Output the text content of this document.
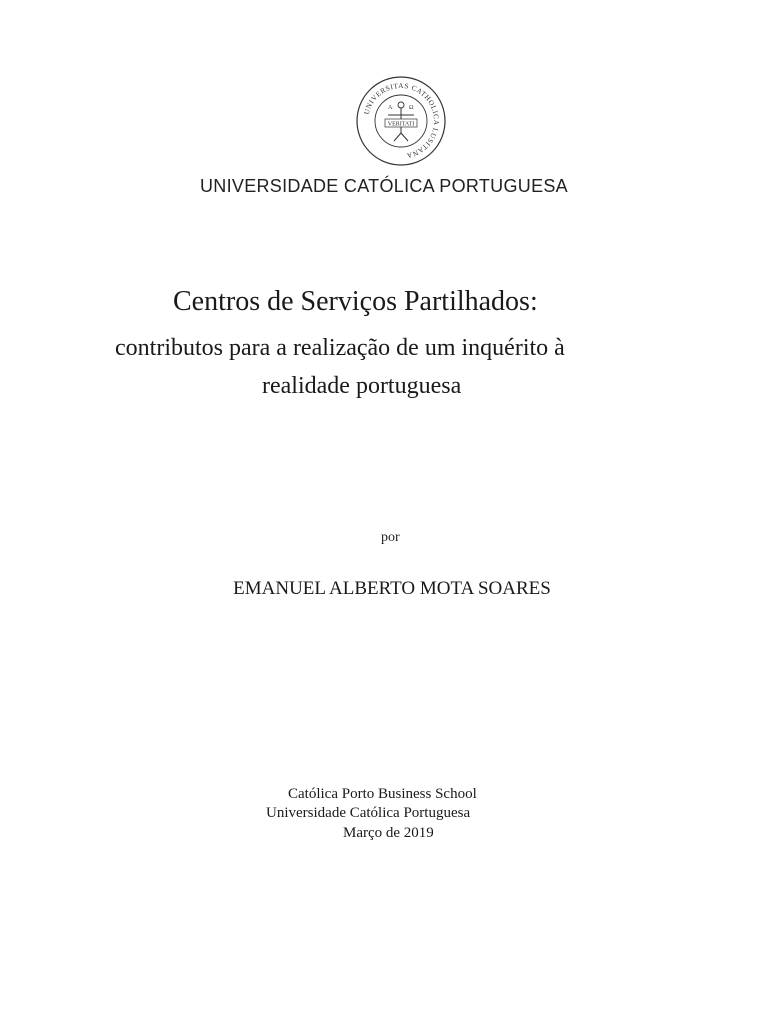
UNIVERSITAS CATHOLICA LUSITANA
A	Ω
VERITATI
UNIVERSIDADE CATÓLICA PORTUGUESA
Centros de Serviços Partilhados:
contributos para a realização de um inquérito à
realidade portuguesa
por
EMANUEL ALBERTO MOTA SOARES
Católica Porto Business School
Universidade Católica Portuguesa
Março de 2019
